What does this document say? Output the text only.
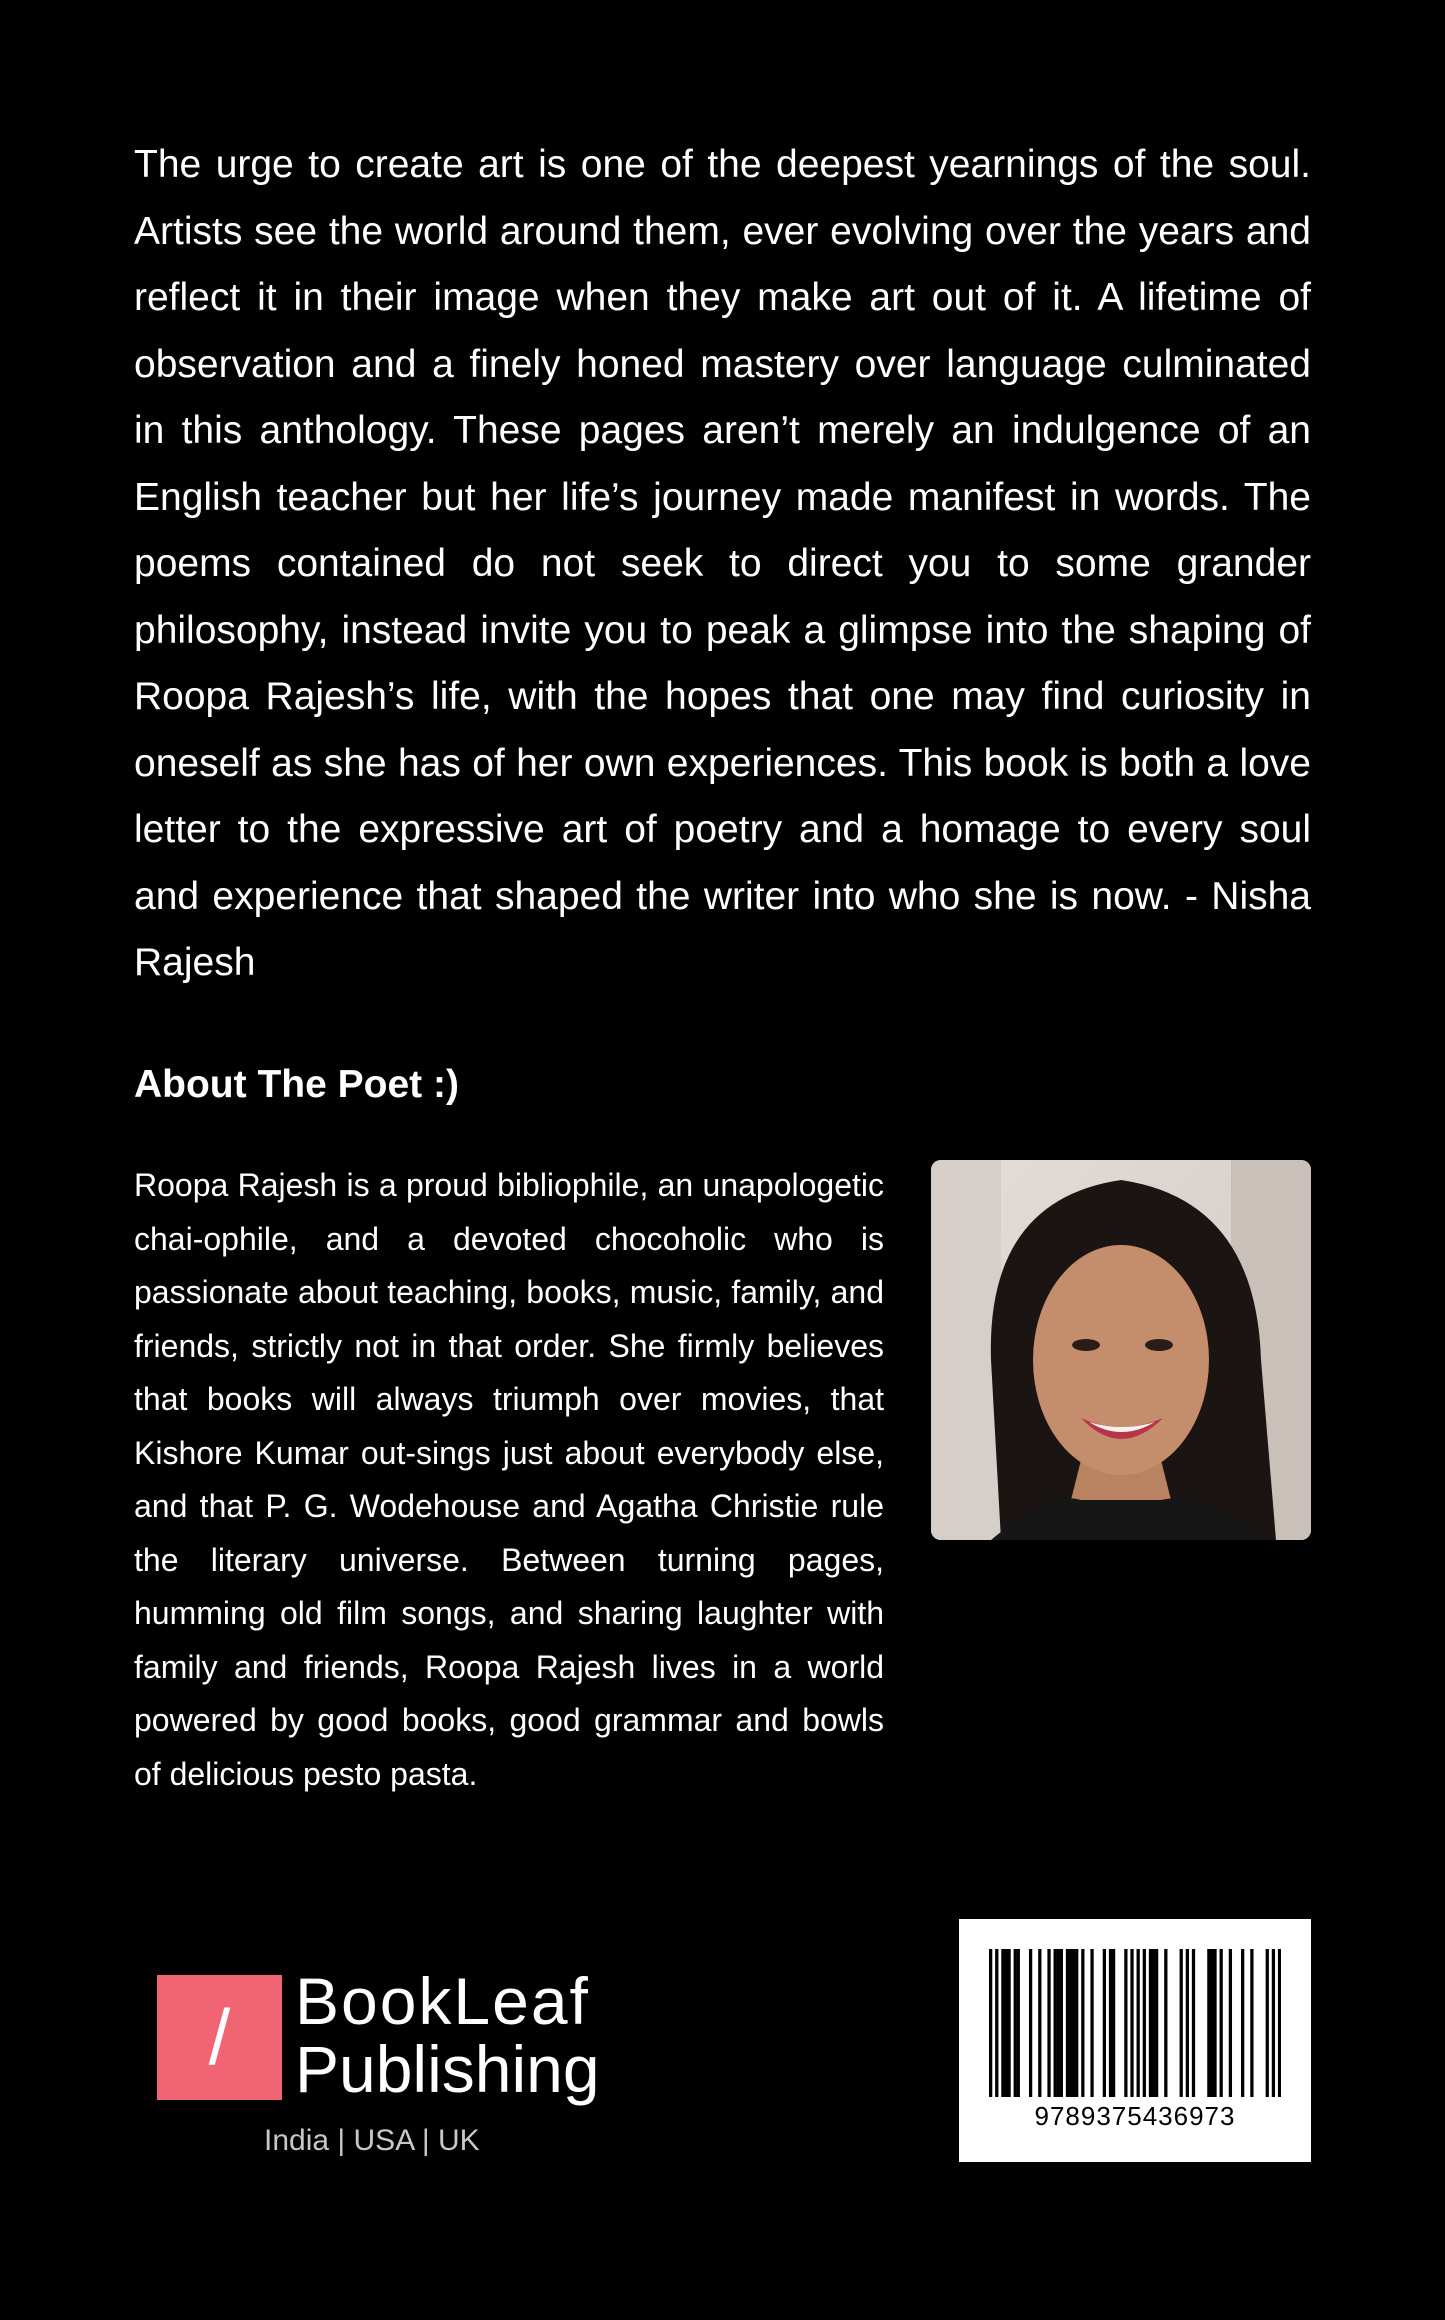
The urge to create art is one of the deepest yearnings of the soul. Artists see the world around them, ever evolving over the years and reflect it in their image when they make art out of it. A lifetime of observation and a finely honed mastery over language culminated in this anthology. These pages aren’t merely an indulgence of an English teacher but her life’s journey made manifest in words. The poems contained do not seek to direct you to some grander philosophy, instead invite you to peak a glimpse into the shaping of Roopa Rajesh’s life, with the hopes that one may find curiosity in oneself as she has of her own experiences. This book is both a love letter to the expressive art of poetry and a homage to every soul and experience that shaped the writer into who she is now. - Nisha Rajesh

About The Poet :)

Roopa Rajesh is a proud bibliophile, an unapologetic chai-ophile, and a devoted chocoholic who is passionate about teaching, books, music, family, and friends, strictly not in that order. She firmly believes that books will always triumph over movies, that Kishore Kumar out-sings just about everybody else, and that P. G. Wodehouse and Agatha Christie rule the literary universe. Between turning pages, humming old film songs, and sharing laughter with family and friends, Roopa Rajesh lives in a world powered by good books, good grammar and bowls of delicious pesto pasta.

/ BookLeaf
Publishing
India | USA | UK
9789375436973
